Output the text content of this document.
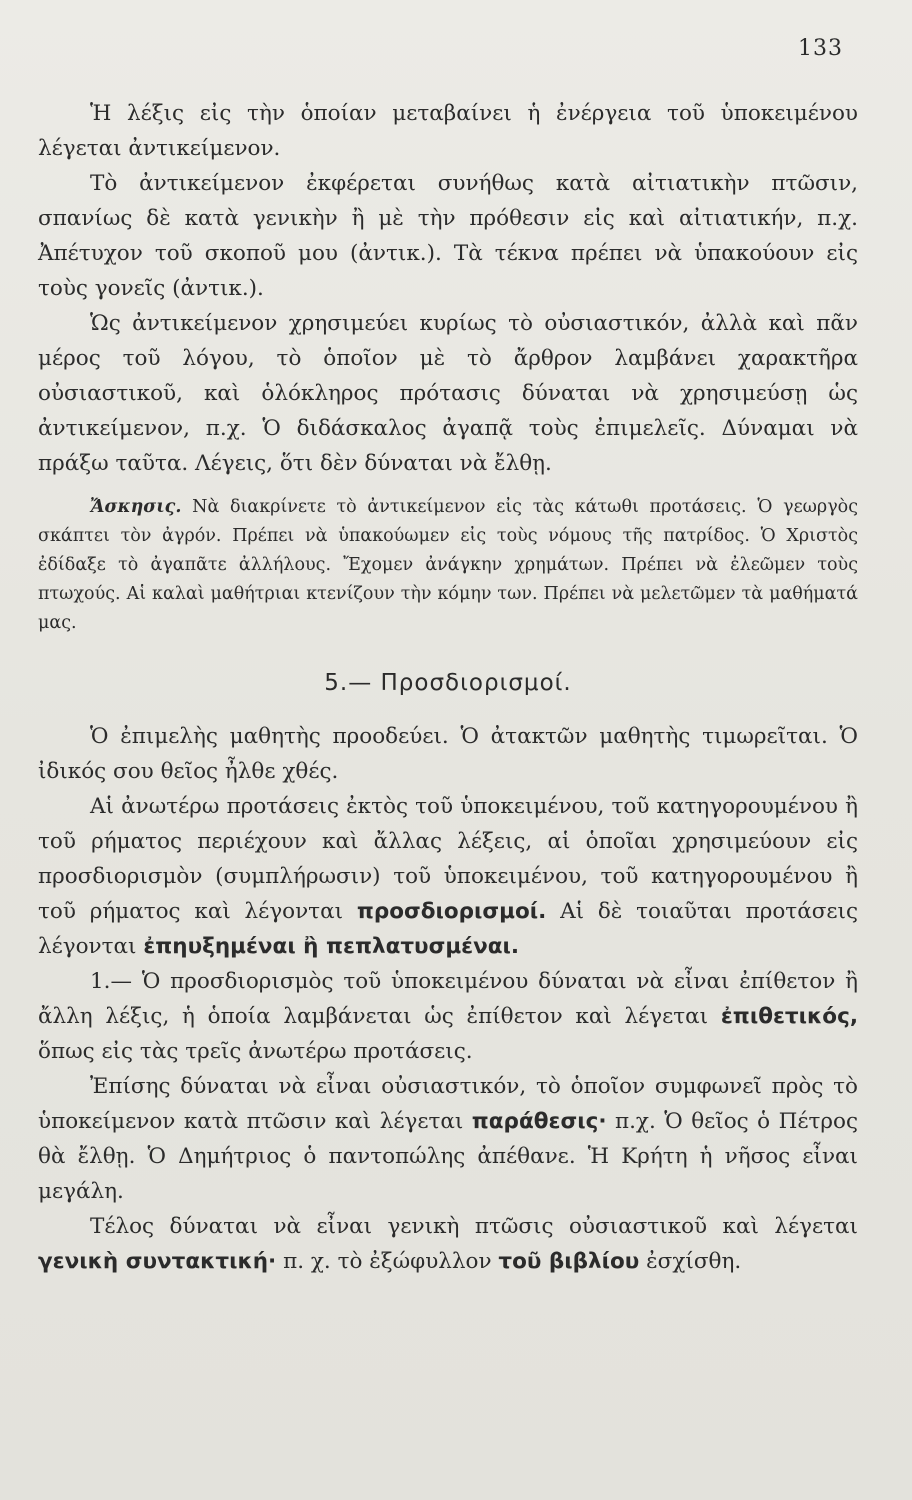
133

Ἡ λέξις εἰς τὴν ὁποίαν μεταβαίνει ἡ ἐνέργεια τοῦ ὑποκειμένου λέγεται ἀντικείμενον.

Τὸ ἀντικείμενον ἐκφέρεται συνήθως κατὰ αἰτιατικὴν πτῶσιν, σπανίως δὲ κατὰ γενικὴν ἢ μὲ τὴν πρόθεσιν εἰς καὶ αἰτιατικήν, π.χ. Ἀπέτυχον τοῦ σκοποῦ μου (ἀντικ.). Τὰ τέκνα πρέπει νὰ ὑπακούουν εἰς τοὺς γονεῖς (ἀντικ.).

Ὡς ἀντικείμενον χρησιμεύει κυρίως τὸ οὐσιαστικόν, ἀλλὰ καὶ πᾶν μέρος τοῦ λόγου, τὸ ὁποῖον μὲ τὸ ἄρθρον λαμβάνει χαρακτῆρα οὐσιαστικοῦ, καὶ ὁλόκληρος πρότασις δύναται νὰ χρησιμεύσῃ ὡς ἀντικείμενον, π.χ. Ὁ διδάσκαλος ἀγαπᾷ τοὺς ἐπιμελεῖς. Δύναμαι νὰ πράξω ταῦτα. Λέγεις, ὅτι δὲν δύναται νὰ ἔλθῃ.

Ἄσκησις. Νὰ διακρίνετε τὸ ἀντικείμενον εἰς τὰς κάτωθι προτάσεις. Ὁ γεωργὸς σκάπτει τὸν ἀγρόν. Πρέπει νὰ ὑπακούωμεν εἰς τοὺς νόμους τῆς πατρίδος. Ὁ Χριστὸς ἐδίδαξε τὸ ἀγαπᾶτε ἀλλήλους. Ἔχομεν ἀνάγκην χρημάτων. Πρέπει νὰ ἐλεῶμεν τοὺς πτωχούς. Αἱ καλαὶ μαθήτριαι κτενίζουν τὴν κόμην των. Πρέπει νὰ μελετῶμεν τὰ μαθήματά μας.

5.— Προσδιορισμοί.

Ὁ ἐπιμελὴς μαθητὴς προοδεύει. Ὁ ἀτακτῶν μαθητὴς τιμωρεῖται. Ὁ ἰδικός σου θεῖος ἦλθε χθές.

Αἱ ἀνωτέρω προτάσεις ἐκτὸς τοῦ ὑποκειμένου, τοῦ κατηγορουμένου ἢ τοῦ ρήματος περιέχουν καὶ ἄλλας λέξεις, αἱ ὁποῖαι χρησιμεύουν εἰς προσδιορισμὸν (συμπλήρωσιν) τοῦ ὑποκειμένου, τοῦ κατηγορουμένου ἢ τοῦ ρήματος καὶ λέγονται προσδιορισμοί. Αἱ δὲ τοιαῦται προτάσεις λέγονται ἐπηυξημέναι ἢ πεπλατυσμέναι.

1.— Ὁ προσδιορισμὸς τοῦ ὑποκειμένου δύναται νὰ εἶναι ἐπίθετον ἢ ἄλλη λέξις, ἡ ὁποία λαμβάνεται ὡς ἐπίθετον καὶ λέγεται ἐπιθετικός, ὅπως εἰς τὰς τρεῖς ἀνωτέρω προτάσεις.

Ἐπίσης δύναται νὰ εἶναι οὐσιαστικόν, τὸ ὁποῖον συμφωνεῖ πρὸς τὸ ὑποκείμενον κατὰ πτῶσιν καὶ λέγεται παράθεσις· π.χ. Ὁ θεῖος ὁ Πέτρος θὰ ἔλθῃ. Ὁ Δημήτριος ὁ παντοπώλης ἀπέθανε. Ἡ Κρήτη ἡ νῆσος εἶναι μεγάλη.

Τέλος δύναται νὰ εἶναι γενικὴ πτῶσις οὐσιαστικοῦ καὶ λέγεται γενικὴ συντακτική· π. χ. τὸ ἐξώφυλλον τοῦ βιβλίου ἐσχίσθη.
